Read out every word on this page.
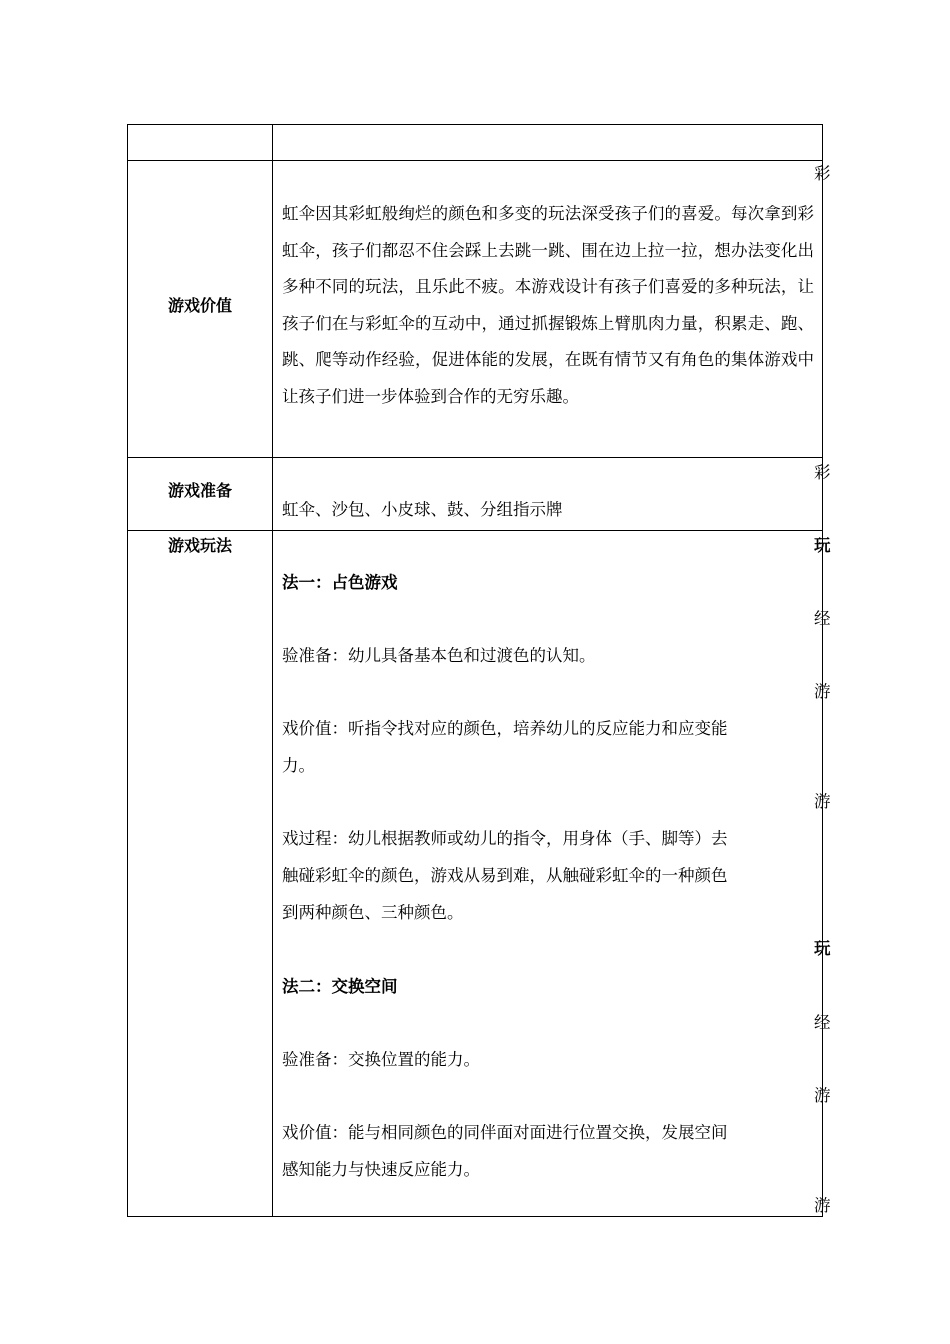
游戏价值
彩
虹伞因其彩虹般绚烂的颜色和多变的玩法深受孩子们的喜爱。每次拿到彩虹伞，孩子们都忍不住会踩上去跳一跳、围在边上拉一拉，想办法变化出多种不同的玩法，且乐此不疲。本游戏设计有孩子们喜爱的多种玩法，让孩子们在与彩虹伞的互动中，通过抓握锻炼上臂肌肉力量，积累走、跑、跳、爬等动作经验，促进体能的发展，在既有情节又有角色的集体游戏中让孩子们进一步体验到合作的无穷乐趣。
游戏准备
彩
虹伞、沙包、小皮球、鼓、分组指示牌
游戏玩法	玩
法一：占色游戏
经
验准备：幼儿具备基本色和过渡色的认知。
游
戏价值：听指令找对应的颜色，培养幼儿的反应能力和应变能
力。
游
戏过程：幼儿根据教师或幼儿的指令，用身体（手、脚等）去
触碰彩虹伞的颜色，游戏从易到难，从触碰彩虹伞的一种颜色
到两种颜色、三种颜色。
玩
法二：交换空间
经
验准备：交换位置的能力。
游
戏价值：能与相同颜色的同伴面对面进行位置交换，发展空间
感知能力与快速反应能力。
游
